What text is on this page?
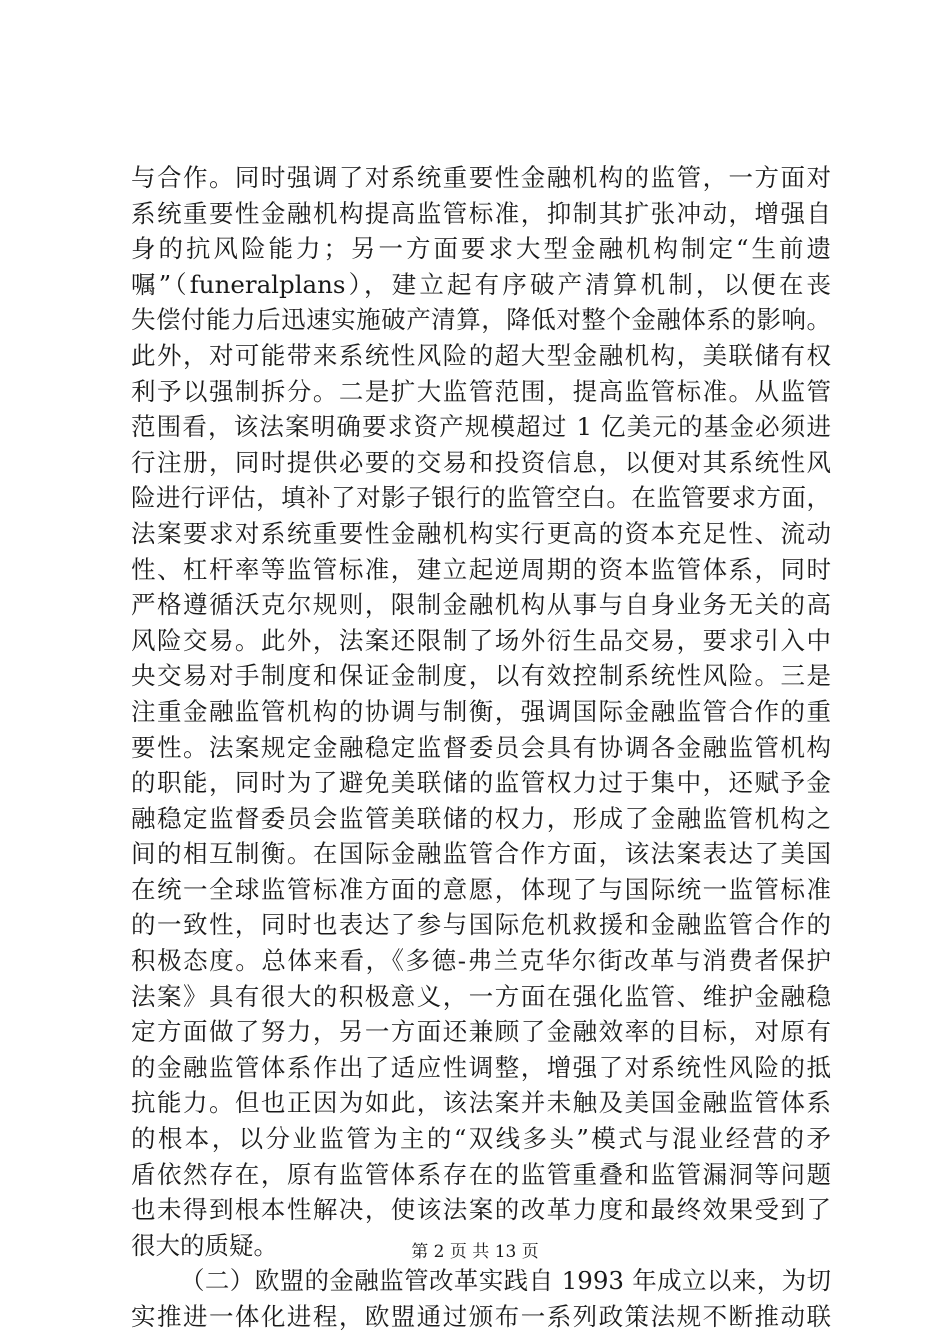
与合作。同时强调了对系统重要性金融机构的监管，一方面对
系统重要性金融机构提高监管标准，抑制其扩张冲动，增强自
身的抗风险能力；另一方面要求大型金融机构制定“生前遗
嘱”（funeralplans），建立起有序破产清算机制，以便在丧
失偿付能力后迅速实施破产清算，降低对整个金融体系的影响。
此外，对可能带来系统性风险的超大型金融机构，美联储有权
利予以强制拆分。二是扩大监管范围，提高监管标准。从监管
范围看，该法案明确要求资产规模超过 1 亿美元的基金必须进
行注册，同时提供必要的交易和投资信息，以便对其系统性风
险进行评估，填补了对影子银行的监管空白。在监管要求方面，
法案要求对系统重要性金融机构实行更高的资本充足性、流动
性、杠杆率等监管标准，建立起逆周期的资本监管体系，同时
严格遵循沃克尔规则，限制金融机构从事与自身业务无关的高
风险交易。此外，法案还限制了场外衍生品交易，要求引入中
央交易对手制度和保证金制度，以有效控制系统性风险。三是
注重金融监管机构的协调与制衡，强调国际金融监管合作的重
要性。法案规定金融稳定监督委员会具有协调各金融监管机构
的职能，同时为了避免美联储的监管权力过于集中，还赋予金
融稳定监督委员会监管美联储的权力，形成了金融监管机构之
间的相互制衡。在国际金融监管合作方面，该法案表达了美国
在统一全球监管标准方面的意愿，体现了与国际统一监管标准
的一致性，同时也表达了参与国际危机救援和金融监管合作的
积极态度。总体来看，《多德-弗兰克华尔街改革与消费者保护
法案》具有很大的积极意义，一方面在强化监管、维护金融稳
定方面做了努力，另一方面还兼顾了金融效率的目标，对原有
的金融监管体系作出了适应性调整，增强了对系统性风险的抵
抗能力。但也正因为如此，该法案并未触及美国金融监管体系
的根本，以分业监管为主的“双线多头”模式与混业经营的矛
盾依然存在，原有监管体系存在的监管重叠和监管漏洞等问题
也未得到根本性解决，使该法案的改革力度和最终效果受到了
很大的质疑。
（二）欧盟的金融监管改革实践自 1993 年成立以来，为切
实推进一体化进程，欧盟通过颁布一系列政策法规不断推动联
第 2 页 共 13 页
